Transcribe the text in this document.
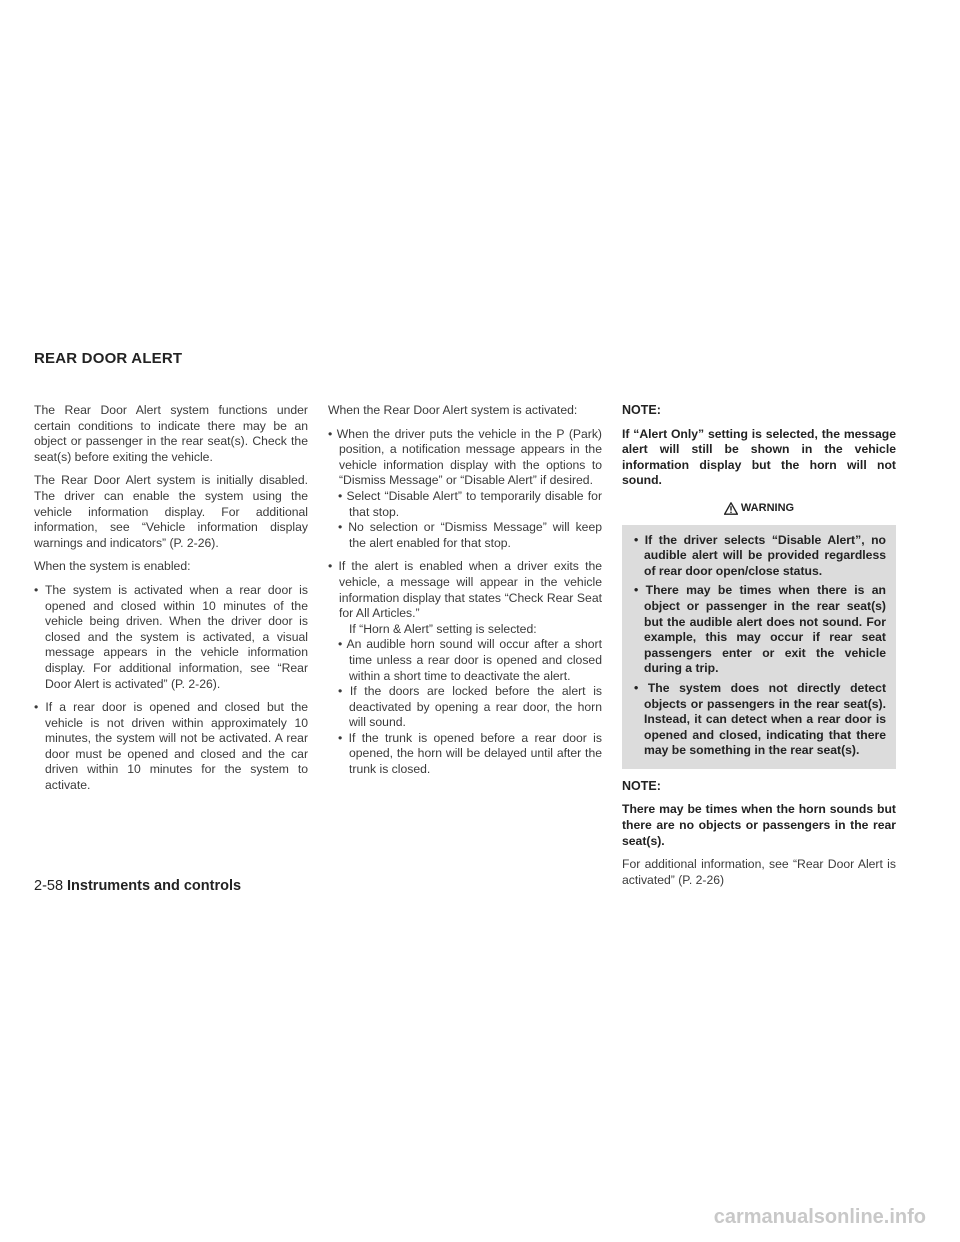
REAR DOOR ALERT

The Rear Door Alert system functions under certain conditions to indicate there may be an object or passenger in the rear seat(s). Check the seat(s) before exiting the vehicle.

The Rear Door Alert system is initially disabled. The driver can enable the system using the vehicle information display. For additional information, see “Vehicle information display warnings and indicators” (P. 2-26).

When the system is enabled:

• The system is activated when a rear door is opened and closed within 10 minutes of the vehicle being driven. When the driver door is closed and the system is activated, a visual message appears in the vehicle information display. For additional information, see “Rear Door Alert is activated” (P. 2-26).
• If a rear door is opened and closed but the vehicle is not driven within approximately 10 minutes, the system will not be activated. A rear door must be opened and closed and the car driven within 10 minutes for the system to activate.

When the Rear Door Alert system is activated:

• When the driver puts the vehicle in the P (Park) position, a notification message appears in the vehicle information display with the options to “Dismiss Message” or “Disable Alert” if desired.
• Select “Disable Alert” to temporarily disable for that stop.
• No selection or “Dismiss Message” will keep the alert enabled for that stop.
• If the alert is enabled when a driver exits the vehicle, a message will appear in the vehicle information display that states “Check Rear Seat for All Articles.”
If “Horn & Alert” setting is selected:
• An audible horn sound will occur after a short time unless a rear door is opened and closed within a short time to deactivate the alert.
• If the doors are locked before the alert is deactivated by opening a rear door, the horn will sound.
• If the trunk is opened before a rear door is opened, the horn will be delayed until after the trunk is closed.
NOTE:

If “Alert Only” setting is selected, the message alert will still be shown in the vehicle information display but the horn will not sound.

WARNING
• If the driver selects “Disable Alert”, no audible alert will be provided regardless of rear door open/close status.
• There may be times when there is an object or passenger in the rear seat(s) but the audible alert does not sound. For example, this may occur if rear seat passengers enter or exit the vehicle during a trip.
• The system does not directly detect objects or passengers in the rear seat(s). Instead, it can detect when a rear door is opened and closed, indicating that there may be something in the rear seat(s).
NOTE:

There may be times when the horn sounds but there are no objects or passengers in the rear seat(s).

For additional information, see “Rear Door Alert is activated” (P. 2-26)

2-58 Instruments and controls
carmanualsonline.info
